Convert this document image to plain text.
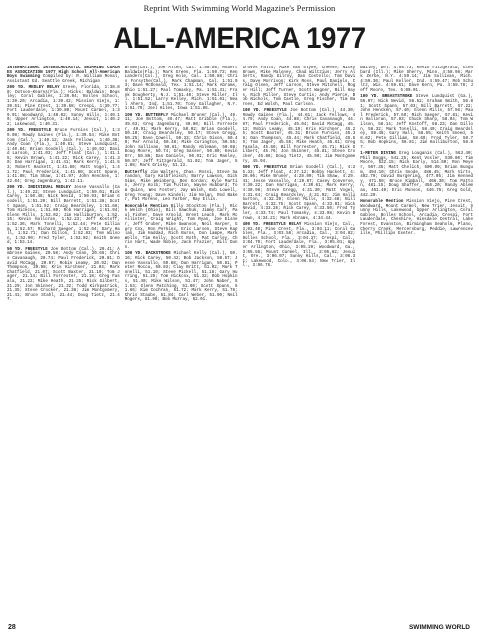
Reprint With Swimming World Magazine's Permission
ALL-AMERICA 1977

INTERNATIONAL INTERSCHOLASTIC SWIMMING COACHES ASSOCIATION 1977 High School All-American Boys Swimming Compiled by: R. William Ronal, Assistant Ed. Seattle Greek, Michigan

200 YD. MEDLEY RELAY Green, Florida, 1:38.80; Dotson-Kearns(Fla.); Hicks; Baldwin; Beasley; Coral Gables, 1:39.04; Bolles School, 1:39.20; Arcadia, 1:39.42; Mission Viejo, 1:39.51; Pine Crest, 1:39.68; Crespi, 1:39.77; Fort Lauderdale, 1:39.80; Mount Carmel, 1:39.91; Woodward, 1:40.02; Sunny Hills, 1:40.10; Upper Arlington, 1:40.14; Jesuit, 1:40.22; Lakewood, 1:40.31.

200 YD. FREESTYLE Bruce Furniss (Cal.), 1:39.08; Rowdy Gaines (Fla.), 1:39.54; Mike Bottom (Cal.), 1:40.12; Jack Fellows, 1:40.38; Andy Coan (Fla.), 1:40.61; Steve Lundquist, 1:40.84; Brian Goodell (Cal.), 1:40.92; David Larson, 1:41.03; Jeff Float (Cal.), 1:41.15; Kevin Brown, 1:41.22; Rick Carey, 1:41.30; Dan Harrigan, 1:41.41; Mark Kerry, 1:41.53; Robert Hackett, 1:41.60; Matt Vogel, 1:41.72; Paul Frederick, 1:41.80; Scott Spann, 1:41.88; Tim Shaw, 1:41.97; John Hencken, 1:42.04; Greg Jagenburg, 1:42.11.

200 YD. INDIVIDUAL MEDLEY Jesse Vassallo (Cal.), 1:49.22; Steve Lundquist, 1:50.01; Rick Carey, 1:50.48; Nick Nevid, 1:50.93; Brian Goodell, 1:51.20; Bill Barrett, 1:51.38; Scott Spann, 1:51.52; Craig Beardsley, 1:51.66; Tom Hickcox, 1:51.80; Rob Harrigan, 1:51.94; Glenn Mills, 1:52.02; Jim Halliburton, 1:52.15; Kevin Halloran, 1:52.23; Jeff Kostoff, 1:52.36; Mark Tonelli, 1:52.44; Pete Gilliam, 1:52.57; Richard Saeger, 1:52.64; Gary Hall, 1:52.71; Dan Dillon, 1:52.83; Tom Wilson, 1:52.90; Fred Tyler, 1:53.02; Keith Sneed, 1:53.14.

50 YD. FREESTYLE Joe Bottom (Cal.), 20.41; Ambrose Gaines, 20.58; Andy Coan, 20.66; Chris Cavanaugh, 20.74; Paul Frederick, 20.81; David McCagg, 20.87; Robin Leamy, 20.92; Dan Thompson, 20.98; Kris Kirchner, 21.03; Mark Chatfield, 21.07; Scott Baxter, 21.10; Tom Jager, 21.14; Bill Forrester, 21.18; Greg Fasala, 21.22; Mike Heath, 21.25; Rick Gilbert, 21.29; Jon Skinner, 21.32; Todd Kirkpatrick, 21.35; Steve Crocker, 21.38; Jim Montgomery, 21.41; Bruce Stahl, 21.44; Doug Tietz, 21.47.

Brown(Cal.), Joe Allen, Cal. 1:50.50; Robert Baldwin(Fla.); Mark Green, Fla. 1:50.73; Ken Landers(Cal.), Greg Hole, Cal. 1:50.88; Chris Forsythe(Cal.), Mark Chapman, Cal. 1:51.03; Dave McDonald, Tex. 1:51.14; Mark Abrams, Ohio 1:51.27; Paul Tomasky, Pa. 1:51.31; Frank Dougherty, N.J. 1:51.40; Steve Miller, Ill. 1:51.52; Larry Kelley, Mich. 1:51.61; Neal Ahern, Ind. 1:51.70; Tony Gallagher, N.Y. 1:51.79; Joel Hiles, Iowa 1:51.85.

100 YD. BUTTERFLY Michael Bruner (Cal.), 49.11; Joe Bottom, 49.47; Matt Gribble (Fla.), 49.63; Greg Jagenburg, 49.80; Bill Forrester, 49.91; Mark Kerry, 50.02; Brian Goodell, 50.10; Craig Beardsley, 50.17; Steve Gregg, 50.25; Dave Cowell, 50.33; Chris Dixon, 50.40; Par Arnold, 50.48; Mike Curington, 50.55; John Sullivan, 50.61; Randy Ableman, 50.68; Doug Moore, 50.74; Greg Sasser, 50.80; Kevin Orr, 50.86; Dan Daniels, 50.91; Eric Manley, 50.97; Jeff Fitzgerald, 51.02; Tom Jager, 51.08; Mark Grisky, 51.13.

Butterfly Jim Walters, Chas. Rossi, Steve Sarandon, Gary Kalbfleisch; Barry Lawson, Dick Sims, Mike Weinberg, Ben Gordon; Kyle Martin, Jerry Kolb; Tim Fulton, Wayne Hubbard; Tom Quinn, Wes Foster; Jay Walsh, Bob Lowell, Greg Young; Dave Kindel; Jim Nolan, Rod Baker, Pat Moreno, Leo Farber, Ray Ellis.

Honorable Mention Billy Stockton (Fla.), Rick Welch (Ohio), Bill Sawchuk, Jimmy Carr, Paul Fisher, Dave Arnold, Brent Leach, Mark McAllister, Craig Wright, Tom Ryan, Joe Eisner, Jeff Gruber, Mike Swanson, Neil Harper, Gary Cox, Ron Perkins, Eric Larsen, Steve Kaplan, Jim Haddad, Rich Burns, Don Lampe, Mark Wells, Tim Kelly, Scott Roth, Pat Curley, Chris Hart, Wade Noble, Jack Frazier, Bill Dunn.

100 YD. BACKSTROKE Michael Kelly (Cal.), 50.16; Rick Carey, 50.42; Bob Jackson, 50.57; Jesse Vassallo, 50.68; Dan Harrigan, 50.81; Peter Rocca, 50.93; Clay Britt, 51.02; Mark Tonelli, 51.10; Steve Pickell, 51.18; Gary Hurring, 51.25; Tom Hickcox, 51.32; Bob Hopkins, 51.40; Mike Wilson, 51.47; John Naber, 51.53; Glenn Patching, 51.60; Scott Spann, 51.66; Kim Cochran, 51.72; Mark Kerry, 51.78; Chris Staubs, 51.84; Carl Weber, 51.90; Neil Rogers, 51.96; Bob Murray, 52.01.

Groves Falls; Mike Van Slyke, Cheese; Nicky Brown, Mike Maloney, Chad Wiltzius; Jerry Alberts, Randy Gilroy, Dan Costello; Tom Davis, Dave Morrison; Kirk Ross, Paul Daniels, Craig Olsen, Jeff Larson, Steve Mitchell, Roger Hill; Jeff Turner, Scott Wagner, Bill Hays, Rich Miller, Steve Curtis; Andy Pierce, Bob Nichols, Tom Castle, Greg Fischer, Tim Barnes, Ed Walsh, Paul Carlson.

100 YD. FREESTYLE Joe Bottom (Cal.), 44.30; Rowdy Gaines (Fla.), 44.61; Jack Fellows, 44.79; Andy Coan, 44.88; Chris Cavanaugh, 44.97; Paul Frederick, 45.04; David McCagg, 45.12; Robin Leamy, 45.19; Kris Kirchner, 45.25; Scott Baxter, 45.31; Bruce Furniss, 45.38; Dan Thompson, 45.44; Mark Chatfield, 45.50; Tom Jager, 45.55; Mike Heath, 45.61; Greg Fasala, 45.66; Bill Forrester, 45.71; Rick Gilbert, 45.76; Jon Skinner, 45.81; Steve Crocker, 45.86; Doug Tietz, 45.90; Jim Montgomery, 45.94.

500 YD. FREESTYLE Brian Goodell (Cal.), 4:25.33; Jeff Float, 4:27.12; Bobby Hackett, 4:28.06; Mike Bruner, 4:28.90; Tim Shaw, 4:29.41; Jesse Vassallo, 4:29.87; Casey Converse, 4:30.22; Dan Harrigan, 4:30.61; Mark Kerry, 4:30.98; Steve Gregg, 4:31.30; Matt Vogel, 4:31.64; Craig Beardsley, 4:31.92; Jim Halliburton, 4:32.20; Glenn Mills, 4:32.48; Bill Barrett, 4:32.75; Scott Spann, 4:33.01; Nick Nevid, 4:33.26; Rick Carey, 4:33.50; Fred Tyler, 4:33.74; Paul Tomasky, 4:33.98; Kevin Brown, 4:34.21; Mark Abrams, 4:34.44.

400 YD. FREESTYLE RELAY Mission Viejo, Cal., 3:02.40; Pine Crest, Fla., 3:03.11; Coral Gables, Fla., 3:03.58; Arcadia, Cal., 3:04.02; Bolles School, Fla., 3:04.37; Crespi, Cal., 3:04.70; Fort Lauderdale, Fla., 3:05.01; Upper Arlington, Ohio, 3:05.29; Woodward, Ga., 3:05.56; Mount Carmel, Ill., 3:05.82; Jesuit, Ore., 3:06.07; Sunny Hills, Cal., 3:06.31; Lakewood, Colo., 3:06.54; New Trier, Ill., 3:06.76.

Bailey, Del. 4:58.73; Kevin Fitzgerald, Glenbard (Ill.); Mike Sherry, Minn. 4:58.98; Mark Zerbe, N.Y. 4:59.14; Jim Sullivan, Mich. 4:59.30; Paul Keller, Ind. 4:59.47; Rob Schultz, Wis. 4:59.61; Dave Kern, Pa. 4:59.78; Jeff Moore, Tex. 5:00.01.

100 YD. BREASTSTROKE Steve Lundquist (Ga.), 56.07; Nick Nevid, 56.52; Graham Smith, 56.81; Scott Spann, 57.03; Bill Barrett, 57.22; John Hencken, 57.40; Glenn Mills, 57.56; Paul Frederick, 57.69; Rich Saeger, 57.81; Kevin Halloran, 57.93; Chuck Sharp, 58.04; Tom Wilson, 58.14; Jeff Kostoff, 58.23; Dan Dillon, 58.32; Mark Tonelli, 58.40; Craig Beardsley, 58.48; Gary Hall, 58.55; Keith Sneed, 58.62; Pete Gilliam, 58.69; Fred Tyler, 58.75; Bob Hopkins, 58.81; Jim Halliburton, 58.87.

1-METER DIVING Greg Louganis (Cal.), 563.40; Phil Boggs, 541.25; Kent Vosler, 530.80; Tim Moore, 522.15; Rick Early, 514.60; Ron Meyer, 507.35; Matt Chelich, 500.90; Brian Bungum, 494.10; Chris Snode, 488.45; Mark Virts, 482.70; David Burgering, 477.05; Jim Kennedy, 471.60; Bruce Kimball, 466.30; Tom Patton, 461.15; Doug Shaffer, 456.20; Randy Ableman, 451.40; Eric Munson, 446.75; Greg Gold, 442.20.

Honorable Mention Mission Viejo, Pine Crest, Woodward, Mount Carmel, New Trier, Jesuit, Sunny Hills, Lakewood, Upper Arlington, Coral Gables, Bolles School, Arcadia, Crespi, Fort Lauderdale, Cheshire, Hinsdale Central, Lake Forest, Evanston, Birmingham Seaholm, Plano, Cherry Creek, Mercersburg, Peddie, Lawrenceville, Phillips Exeter.

28	SWIMMING WORLD
